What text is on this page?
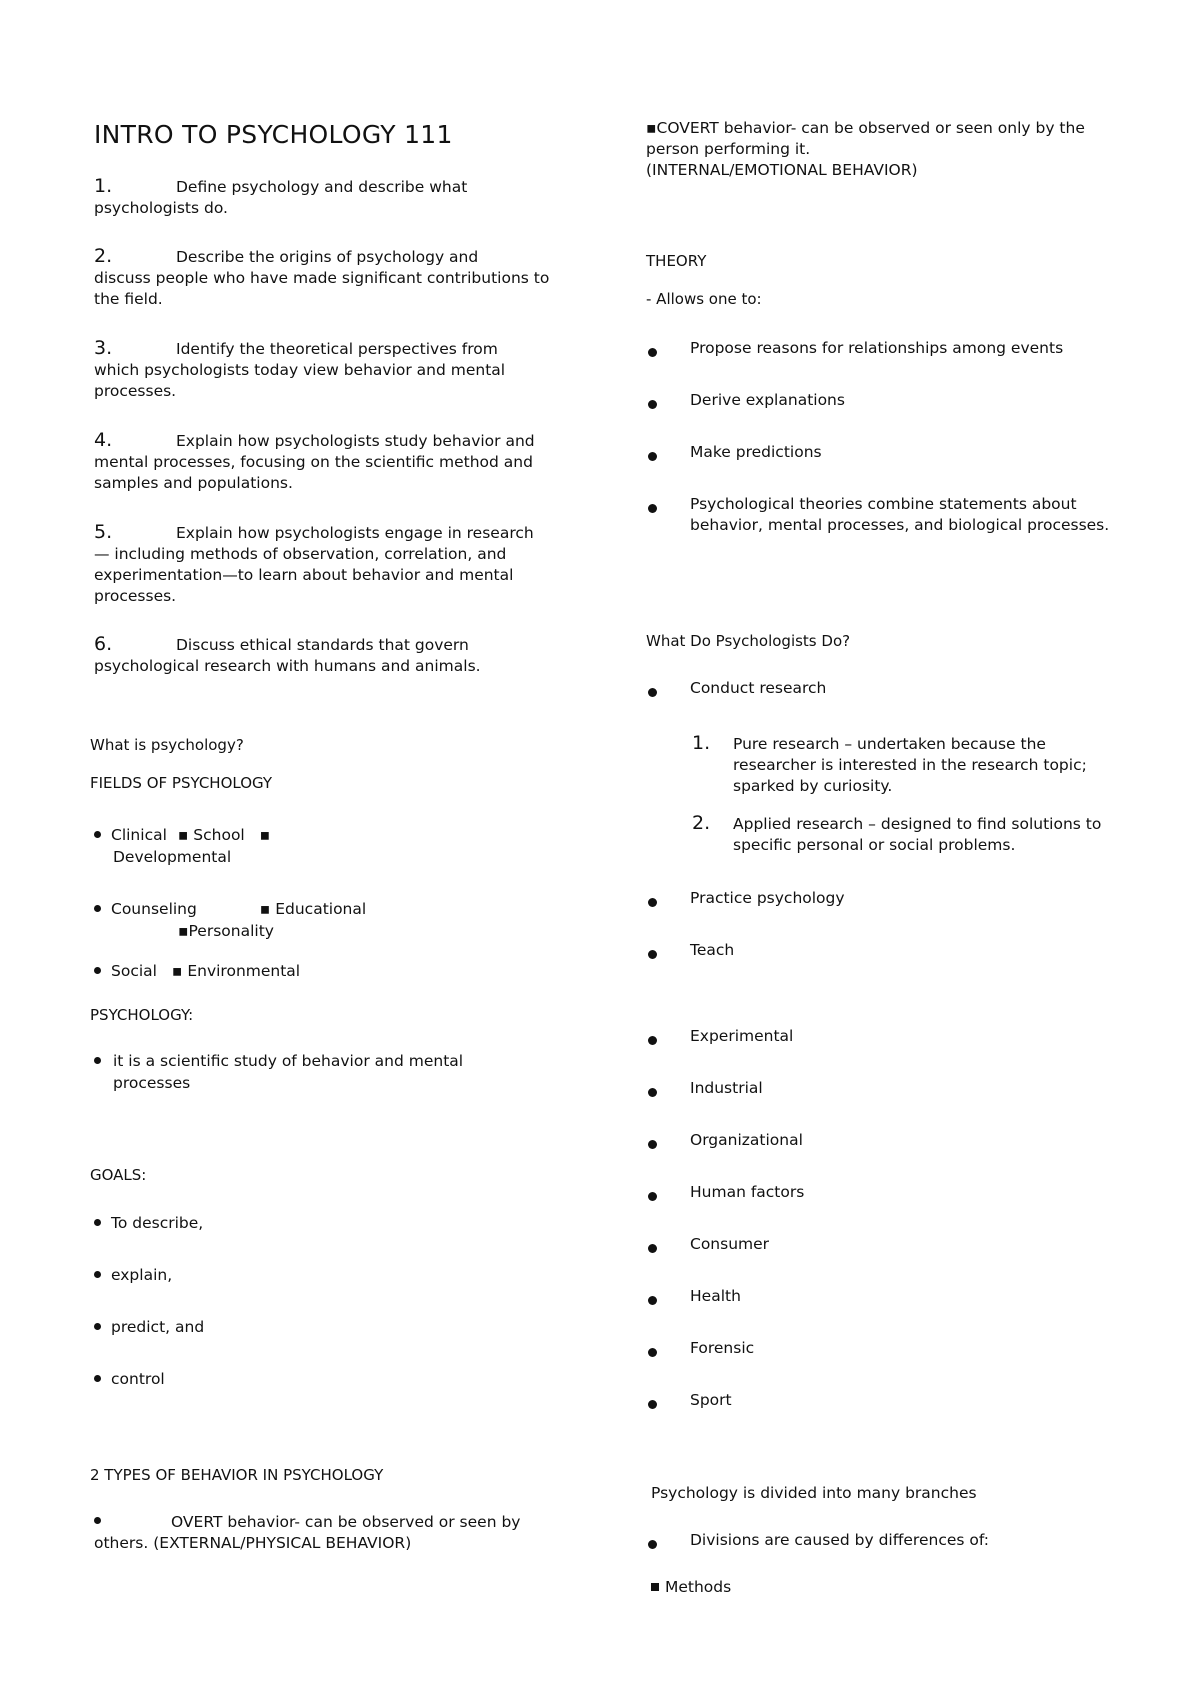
INTRO TO PSYCHOLOGY 111
1.	Define psychology and describe what
psychologists do.
2.	Describe the origins of psychology and
discuss people who have made significant contributions to the field.
3.	Identify the theoretical perspectives from
which psychologists today view behavior and mental processes.
4.	Explain how psychologists study behavior and
mental processes, focusing on the scientific method and samples and populations.
5.	Explain how psychologists engage in research
— including methods of observation, correlation, and experimentation—to learn about behavior and mental processes.
6.	Discuss ethical standards that govern
psychological research with humans and animals.
What is psychology?
FIELDS OF PSYCHOLOGY
Clinical ▪ School ▪
Developmental
Counseling	▪ Educational
▪Personality
Social ▪ Environmental
PSYCHOLOGY:
it is a scientific study of behavior and mental processes
GOALS:
To describe,
explain,
predict, and
control
2 TYPES OF BEHAVIOR IN PSYCHOLOGY
OVERT behavior- can be observed or seen by others. (EXTERNAL/PHYSICAL BEHAVIOR)
▪COVERT behavior- can be observed or seen only by the person performing it.
(INTERNAL/EMOTIONAL BEHAVIOR)
THEORY
- Allows one to:
Propose reasons for relationships among events
Derive explanations
Make predictions
Psychological theories combine statements about behavior, mental processes, and biological processes.
What Do Psychologists Do?
Conduct research
1. Pure research – undertaken because the researcher is interested in the research topic; sparked by curiosity.
2. Applied research – designed to find solutions to specific personal or social problems.
Practice psychology
Teach
Experimental
Industrial
Organizational
Human factors
Consumer
Health
Forensic
Sport
Psychology is divided into many branches
Divisions are caused by differences of:
Methods
